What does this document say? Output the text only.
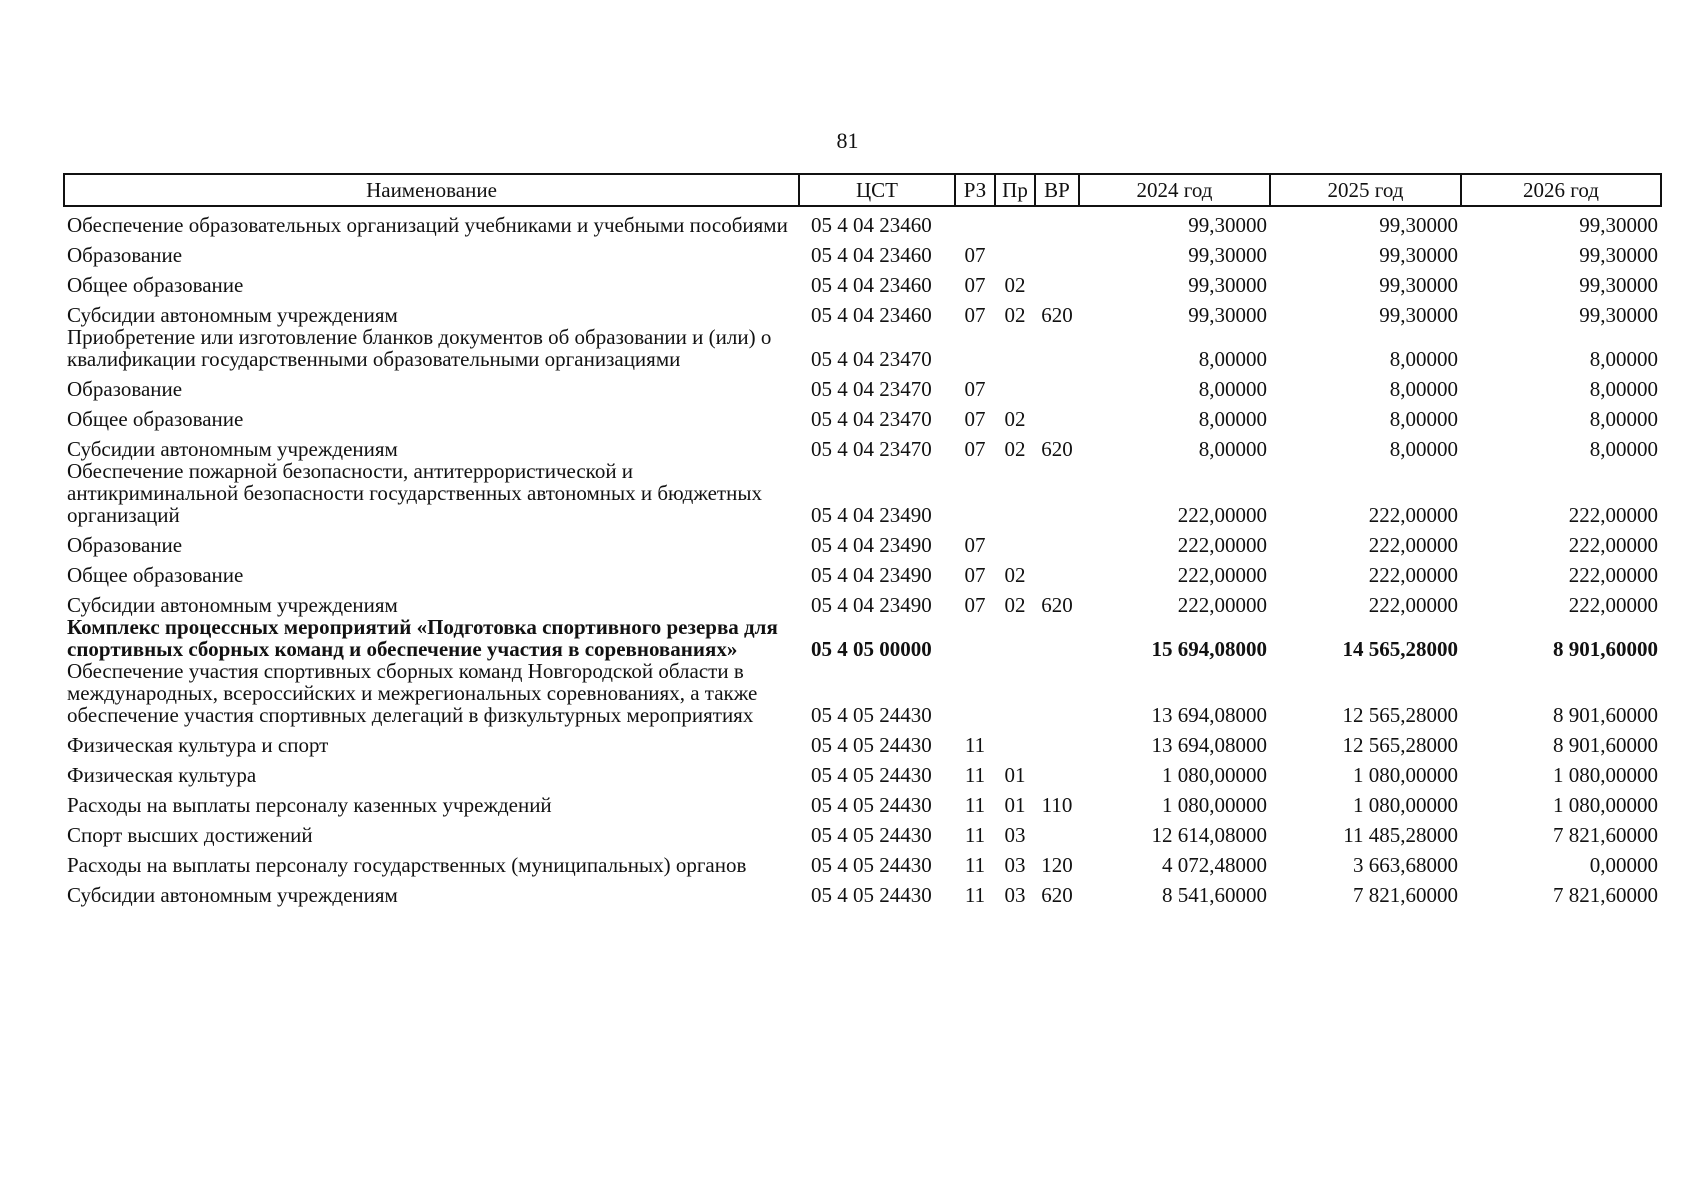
81
Наименование	ЦСТ	РЗ	Пр	ВР	2024 год	2025 год	2026 год
Обеспечение образовательных организаций учебниками и учебными пособиями	05 4 04 23460				99,30000	99,30000	99,30000
Образование	05 4 04 23460	07			99,30000	99,30000	99,30000
Общее образование	05 4 04 23460	07	02		99,30000	99,30000	99,30000
Субсидии автономным учреждениям	05 4 04 23460	07	02	620	99,30000	99,30000	99,30000
Приобретение или изготовление бланков документов об образовании и (или) о квалификации государственными образовательными организациями	05 4 04 23470				8,00000	8,00000	8,00000
Образование	05 4 04 23470	07			8,00000	8,00000	8,00000
Общее образование	05 4 04 23470	07	02		8,00000	8,00000	8,00000
Субсидии автономным учреждениям	05 4 04 23470	07	02	620	8,00000	8,00000	8,00000
Обеспечение пожарной безопасности, антитеррористической и антикриминальной безопасности государственных автономных и бюджетных организаций	05 4 04 23490				222,00000	222,00000	222,00000
Образование	05 4 04 23490	07			222,00000	222,00000	222,00000
Общее образование	05 4 04 23490	07	02		222,00000	222,00000	222,00000
Субсидии автономным учреждениям	05 4 04 23490	07	02	620	222,00000	222,00000	222,00000
Комплекс процессных мероприятий «Подготовка спортивного резерва для спортивных сборных команд и обеспечение участия в соревнованиях»	05 4 05 00000				15 694,08000	14 565,28000	8 901,60000
Обеспечение участия спортивных сборных команд Новгородской области в международных, всероссийских и межрегиональных соревнованиях, а также обеспечение участия спортивных делегаций в физкультурных мероприятиях	05 4 05 24430				13 694,08000	12 565,28000	8 901,60000
Физическая культура и спорт	05 4 05 24430	11			13 694,08000	12 565,28000	8 901,60000
Физическая культура	05 4 05 24430	11	01		1 080,00000	1 080,00000	1 080,00000
Расходы на выплаты персоналу казенных учреждений	05 4 05 24430	11	01	110	1 080,00000	1 080,00000	1 080,00000
Спорт высших достижений	05 4 05 24430	11	03		12 614,08000	11 485,28000	7 821,60000
Расходы на выплаты персоналу государственных (муниципальных) органов	05 4 05 24430	11	03	120	4 072,48000	3 663,68000	0,00000
Субсидии автономным учреждениям	05 4 05 24430	11	03	620	8 541,60000	7 821,60000	7 821,60000
